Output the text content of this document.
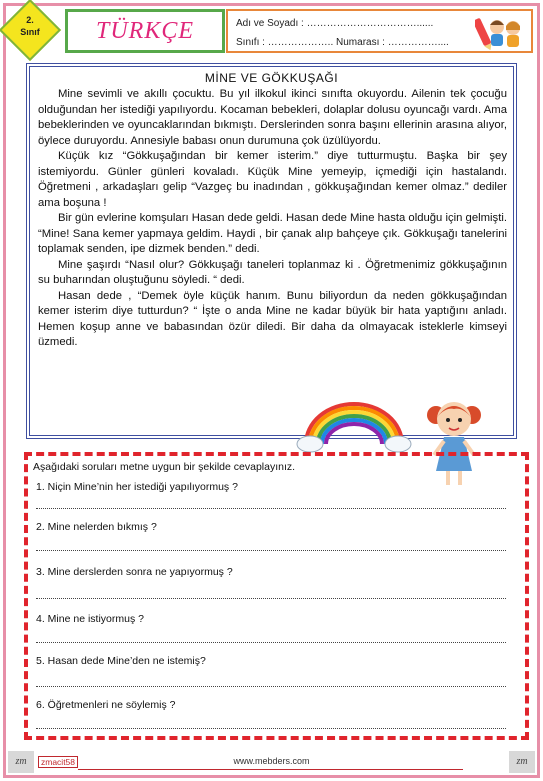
2.
Sınıf	TÜRKÇE	Adı ve Soyadı : ……………………………......
Sınıfı : ……………….. Numarası : ……………....
MİNE VE GÖKKUŞAĞI

Mine sevimli ve akıllı çocuktu. Bu yıl ilkokul ikinci sınıfta okuyordu. Ailenin tek çocuğu olduğundan her istediği yapılıyordu. Kocaman bebekleri, dolaplar dolusu oyuncağı vardı. Ama bebeklerinden ve oyuncaklarından bıkmıştı. Derslerinden sonra başını ellerinin arasına alıyor, öylece duruyordu. Annesiyle babası onun durumuna çok üzülüyordu.

Küçük kız “Gökkuşağından bir kemer isterim.” diye tutturmuştu. Başka bir şey istemiyordu. Günler günleri kovaladı. Küçük Mine yemeyip, içmediği için hastalandı. Öğretmeni , arkadaşları gelip “Vazgeç bu inadından , gökkuşağından kemer olmaz.” dediler ama boşuna !

Bir gün evlerine komşuları Hasan dede geldi. Hasan dede Mine hasta olduğu için gelmişti. “Mine! Sana kemer yapmaya geldim. Haydi , bir çanak alıp bahçeye çık. Gökkuşağı tanelerini toplamak senden, ipe dizmek benden.” dedi.

Mine şaşırdı “Nasıl olur? Gökkuşağı taneleri toplanmaz ki . Öğretmenimiz gökkuşağının su buharından oluştuğunu söyledi. “ dedi.

Hasan dede , “Demek öyle küçük hanım. Bunu biliyordun da neden gökkuşağından kemer isterim diye tutturdun? “ İşte o anda Mine ne kadar büyük bir hata yaptığını anladı. Hemen koşup anne ve babasından özür diledi. Bir daha da olmayacak isteklerle kimseyi üzmedi.

Aşağıdaki soruları metne uygun bir şekilde cevaplayınız.
1. Niçin Mine’nin her istediği yapılıyormuş ?
2. Mine nelerden bıkmış ?
3. Mine derslerden sonra ne yapıyormuş ?
4. Mine ne istiyormuş ?
5. Hasan dede Mine’den ne istemiş?
6. Öğretmenleri ne söylemiş ?
zm	zmacit58	www.mebders.com	zm
